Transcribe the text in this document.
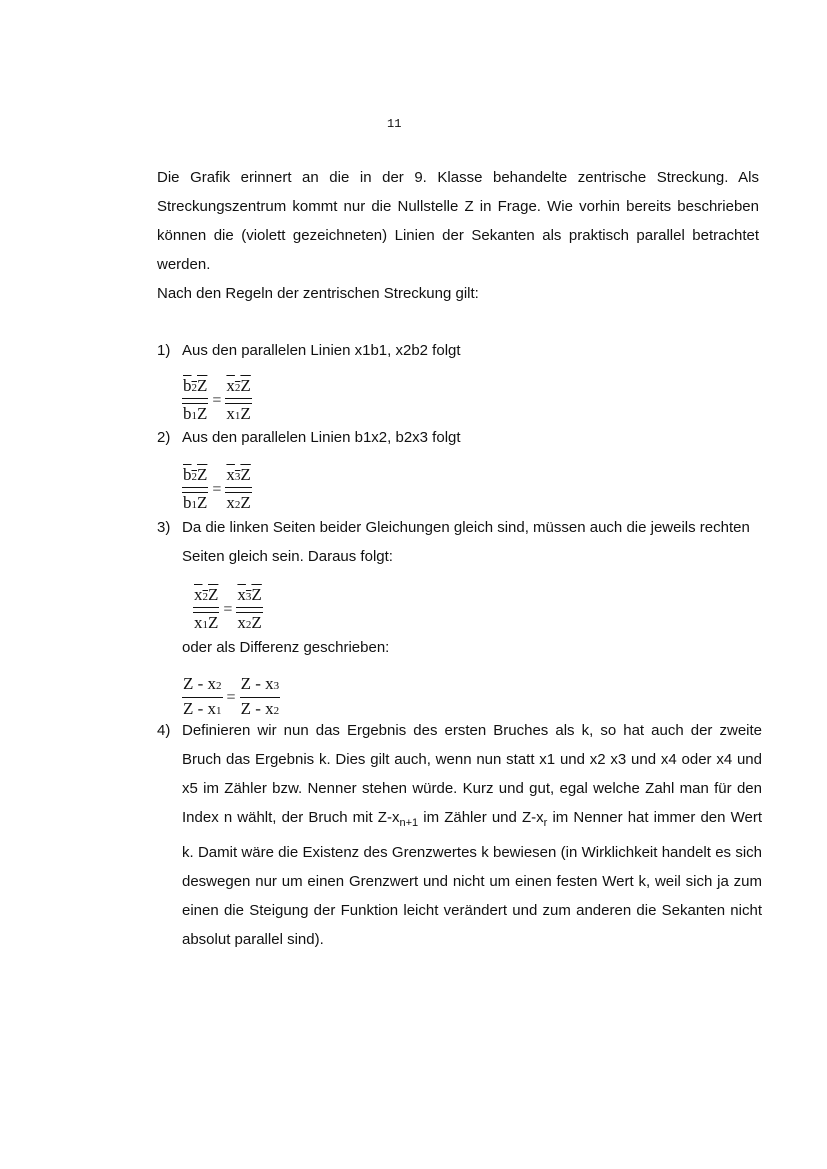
11
Die Grafik erinnert an die in der 9. Klasse behandelte zentrische Streckung. Als Streckungszentrum kommt nur die Nullstelle Z in Frage. Wie vorhin bereits beschrieben können die (violett gezeichneten) Linien der Sekanten als praktisch parallel betrachtet werden.
Nach den Regeln der zentrischen Streckung gilt:
1) Aus den parallelen Linien x1b1, x2b2 folgt
b2Z
b1Z
=
x2Z
x1Z
2) Aus den parallelen Linien b1x2, b2x3 folgt
b2Z
b1Z
=
x3Z
x2Z
3) Da die linken Seiten beider Gleichungen gleich sind, müssen auch die jeweils rechten Seiten gleich sein. Daraus folgt:
x2Z
x1Z
=
x3Z
x2Z
oder als Differenz geschrieben:
$\frac{Z - x2}{Z - x1} = \frac{Z - x3}{Z - x2}$
4) Definieren wir nun das Ergebnis des ersten Bruches als k, so hat auch der zweite Bruch das Ergebnis k. Dies gilt auch, wenn nun statt x1 und x2 x3 und x4 oder x4 und x5 im Zähler bzw. Nenner stehen würde. Kurz und gut, egal welche Zahl man für den Index n wählt, der Bruch mit $Z-x_{n+1}$ im Zähler und $Z-x_r$ im Nenner hat immer den Wert k. Damit wäre die Existenz des Grenzwertes k bewiesen (in Wirklichkeit handelt es sich deswegen nur um einen Grenzwert und nicht um einen festen Wert k, weil sich ja zum einen die Steigung der Funktion leicht verändert und zum anderen die Sekanten nicht absolut parallel sind).
